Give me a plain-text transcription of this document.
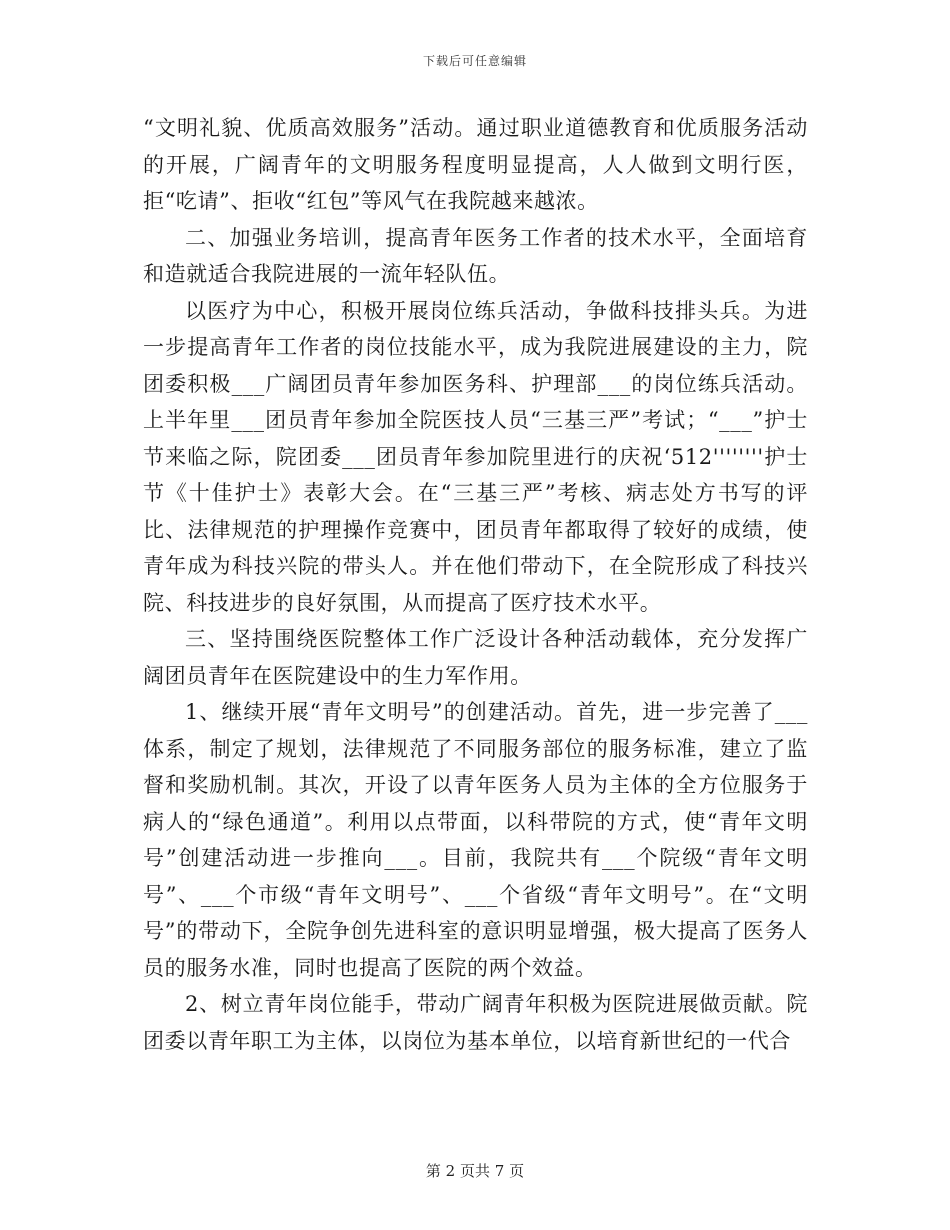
下载后可任意编辑

“文明礼貌、优质高效服务”活动。通过职业道德教育和优质服务活动的开展，广阔青年的文明服务程度明显提高，人人做到文明行医，拒“吃请”、拒收“红包”等风气在我院越来越浓。

二、加强业务培训，提高青年医务工作者的技术水平，全面培育和造就适合我院进展的一流年轻队伍。

以医疗为中心，积极开展岗位练兵活动，争做科技排头兵。为进一步提高青年工作者的岗位技能水平，成为我院进展建设的主力，院团委积极___广阔团员青年参加医务科、护理部___的岗位练兵活动。上半年里___团员青年参加全院医技人员“三基三严”考试；“___”护士节来临之际，院团委___团员青年参加院里进行的庆祝‘512''''''''护士节《十佳护士》表彰大会。在“三基三严”考核、病志处方书写的评比、法律规范的护理操作竞赛中，团员青年都取得了较好的成绩，使青年成为科技兴院的带头人。并在他们带动下，在全院形成了科技兴院、科技进步的良好氛围，从而提高了医疗技术水平。

三、坚持围绕医院整体工作广泛设计各种活动载体，充分发挥广阔团员青年在医院建设中的生力军作用。

1、继续开展“青年文明号”的创建活动。首先，进一步完善了___体系，制定了规划，法律规范了不同服务部位的服务标准，建立了监督和奖励机制。其次，开设了以青年医务人员为主体的全方位服务于病人的“绿色通道”。利用以点带面，以科带院的方式，使“青年文明号”创建活动进一步推向___。目前，我院共有___个院级“青年文明号”、___个市级“青年文明号”、___个省级“青年文明号”。在“文明号”的带动下，全院争创先进科室的意识明显增强，极大提高了医务人员的服务水准，同时也提高了医院的两个效益。

2、树立青年岗位能手，带动广阔青年积极为医院进展做贡献。院团委以青年职工为主体，以岗位为基本单位，以培育新世纪的一代合

第 2 页共 7 页
